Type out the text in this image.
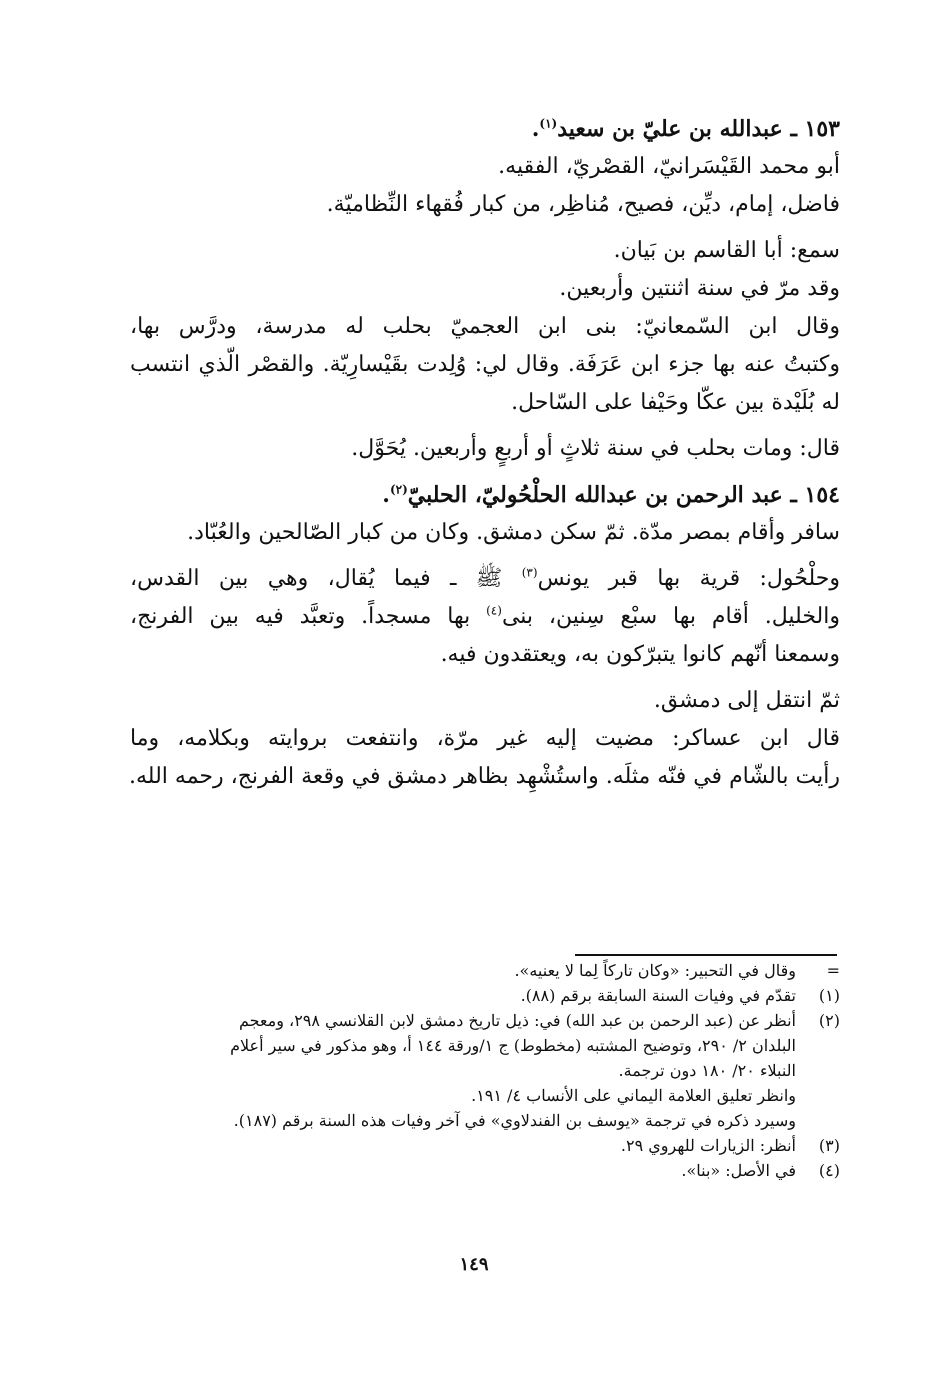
١٥٣ ـ عبدالله بن عليّ بن سعيد$^{(١)}$.
أبو محمد القَيْسَرانيّ، القصْريّ، الفقيه.
فاضل، إمام، ديِّن، فصيح، مُناظِر، من كبار فُقهاء النِّظاميّة.
سمع: أبا القاسم بن بَيان.
وقد مرّ في سنة اثنتين وأربعين.
وقال ابن السّمعانيّ: بنى ابن العجميّ بحلب له مدرسة، ودرَّس بها،
وكتبتُ عنه بها جزء ابن عَرَفَة. وقال لي: وُلِدت بقَيْسارِيّة. والقصْر الّذي انتسب
له بُلَيْدة بين عكّا وحَيْفا على السّاحل.
قال: ومات بحلب في سنة ثلاثٍ أو أربعٍ وأربعين. يُحَوَّل.
١٥٤ ـ عبد الرحمن بن عبدالله الحلْحُوليّ، الحلبيّ$^{(٢)}$.
سافر وأقام بمصر مدّة. ثمّ سكن دمشق. وكان من كبار الصّالحين والعُبّاد.
وحلْحُول: قرية بها قبر يونس$^{(٣)}$ ﷺ ـ فيما يُقال، وهي بين القدس،
والخليل. أقام بها سبْع سِنين، بنى$^{(٤)}$ بها مسجداً. وتعبَّد فيه بين الفرنج،
وسمعنا أنّهم كانوا يتبرّكون به، ويعتقدون فيه.
ثمّ انتقل إلى دمشق.
قال ابن عساكر: مضيت إليه غير مرّة، وانتفعت بروايته وبكلامه، وما
رأيت بالشّام في فنّه مثلَه. واستُشْهِد بظاهر دمشق في وقعة الفرنج، رحمه الله.
=
وقال في التحبير: «وكان تاركاً لِما لا يعنيه».
(١)
تقدّم في وفيات السنة السابقة برقم (٨٨).
(٢)
أنظر عن (عبد الرحمن بن عبد الله) في: ذيل تاريخ دمشق لابن القلانسي ٢٩٨، ومعجم
البلدان ٢/ ٢٩٠، وتوضيح المشتبه (مخطوط) ج ١/ورقة ١٤٤ أ، وهو مذكور في سير أعلام
النبلاء ٢٠/ ١٨٠ دون ترجمة.
وانظر تعليق العلامة اليماني على الأنساب ٤/ ١٩١.
وسيرد ذكره في ترجمة «يوسف بن الفندلاوي» في آخر وفيات هذه السنة برقم (١٨٧).
(٣)
أنظر: الزيارات للهروي ٢٩.
(٤)
في الأصل: «بنا».
١٤٩
